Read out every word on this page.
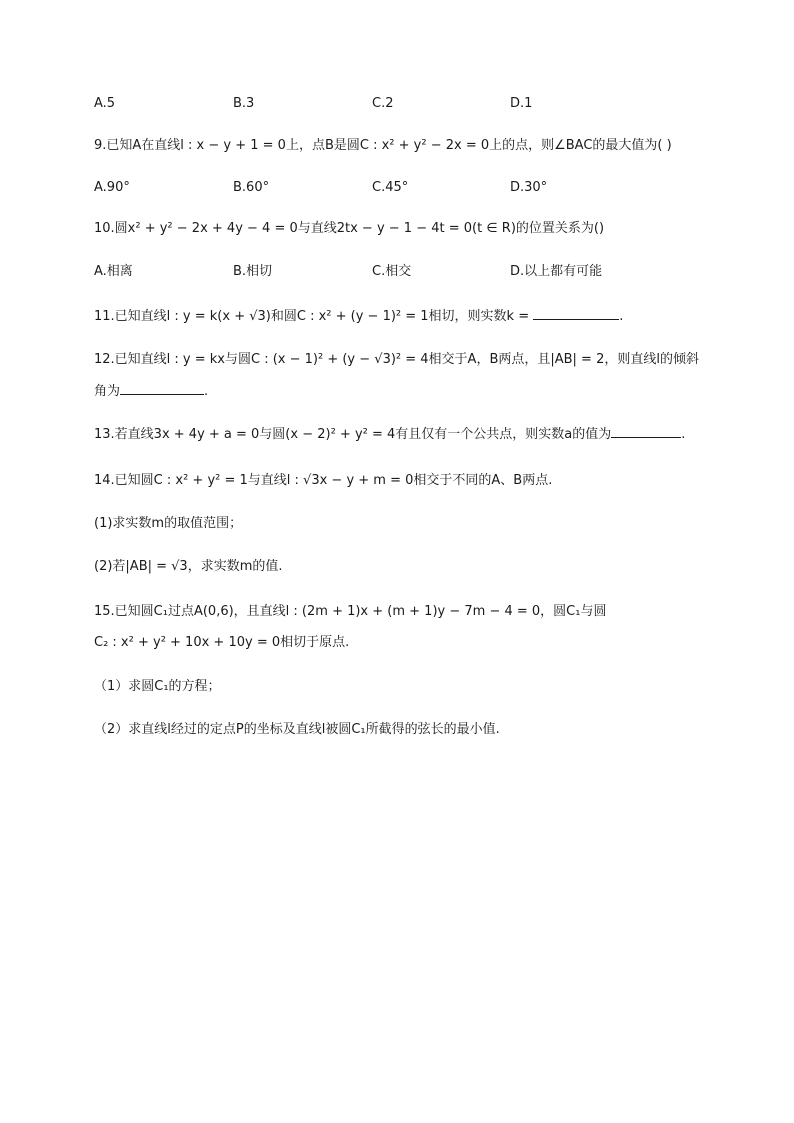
A.5	B.3	C.2	D.1
9.已知A在直线l : x − y + 1 = 0上，点B是圆C : x² + y² − 2x = 0上的点，则∠BAC的最大值为( )
A.90°	B.60°	C.45°	D.30°
10.圆x² + y² − 2x + 4y − 4 = 0与直线2tx − y − 1 − 4t = 0(t ∈ R)的位置关系为()
A.相离	B.相切	C.相交	D.以上都有可能
11.已知直线l : y = k(x + √3)和圆C : x² + (y − 1)² = 1相切，则实数k =	.
12.已知直线l : y = kx与圆C : (x − 1)² + (y − √3)² = 4相交于A，B两点，且|AB| = 2，则直线l的倾斜
角为	.
13.若直线3x + 4y + a = 0与圆(x − 2)² + y² = 4有且仅有一个公共点，则实数a的值为	.
14.已知圆C : x² + y² = 1与直线l : √3x − y + m = 0相交于不同的A、B两点.
(1)求实数m的取值范围；
(2)若|AB| = √3，求实数m的值.
15.已知圆C₁过点A(0,6)，且直线l : (2m + 1)x + (m + 1)y − 7m − 4 = 0，圆C₁与圆
C₂ : x² + y² + 10x + 10y = 0相切于原点.
（1）求圆C₁的方程；
（2）求直线l经过的定点P的坐标及直线l被圆C₁所截得的弦长的最小值.
